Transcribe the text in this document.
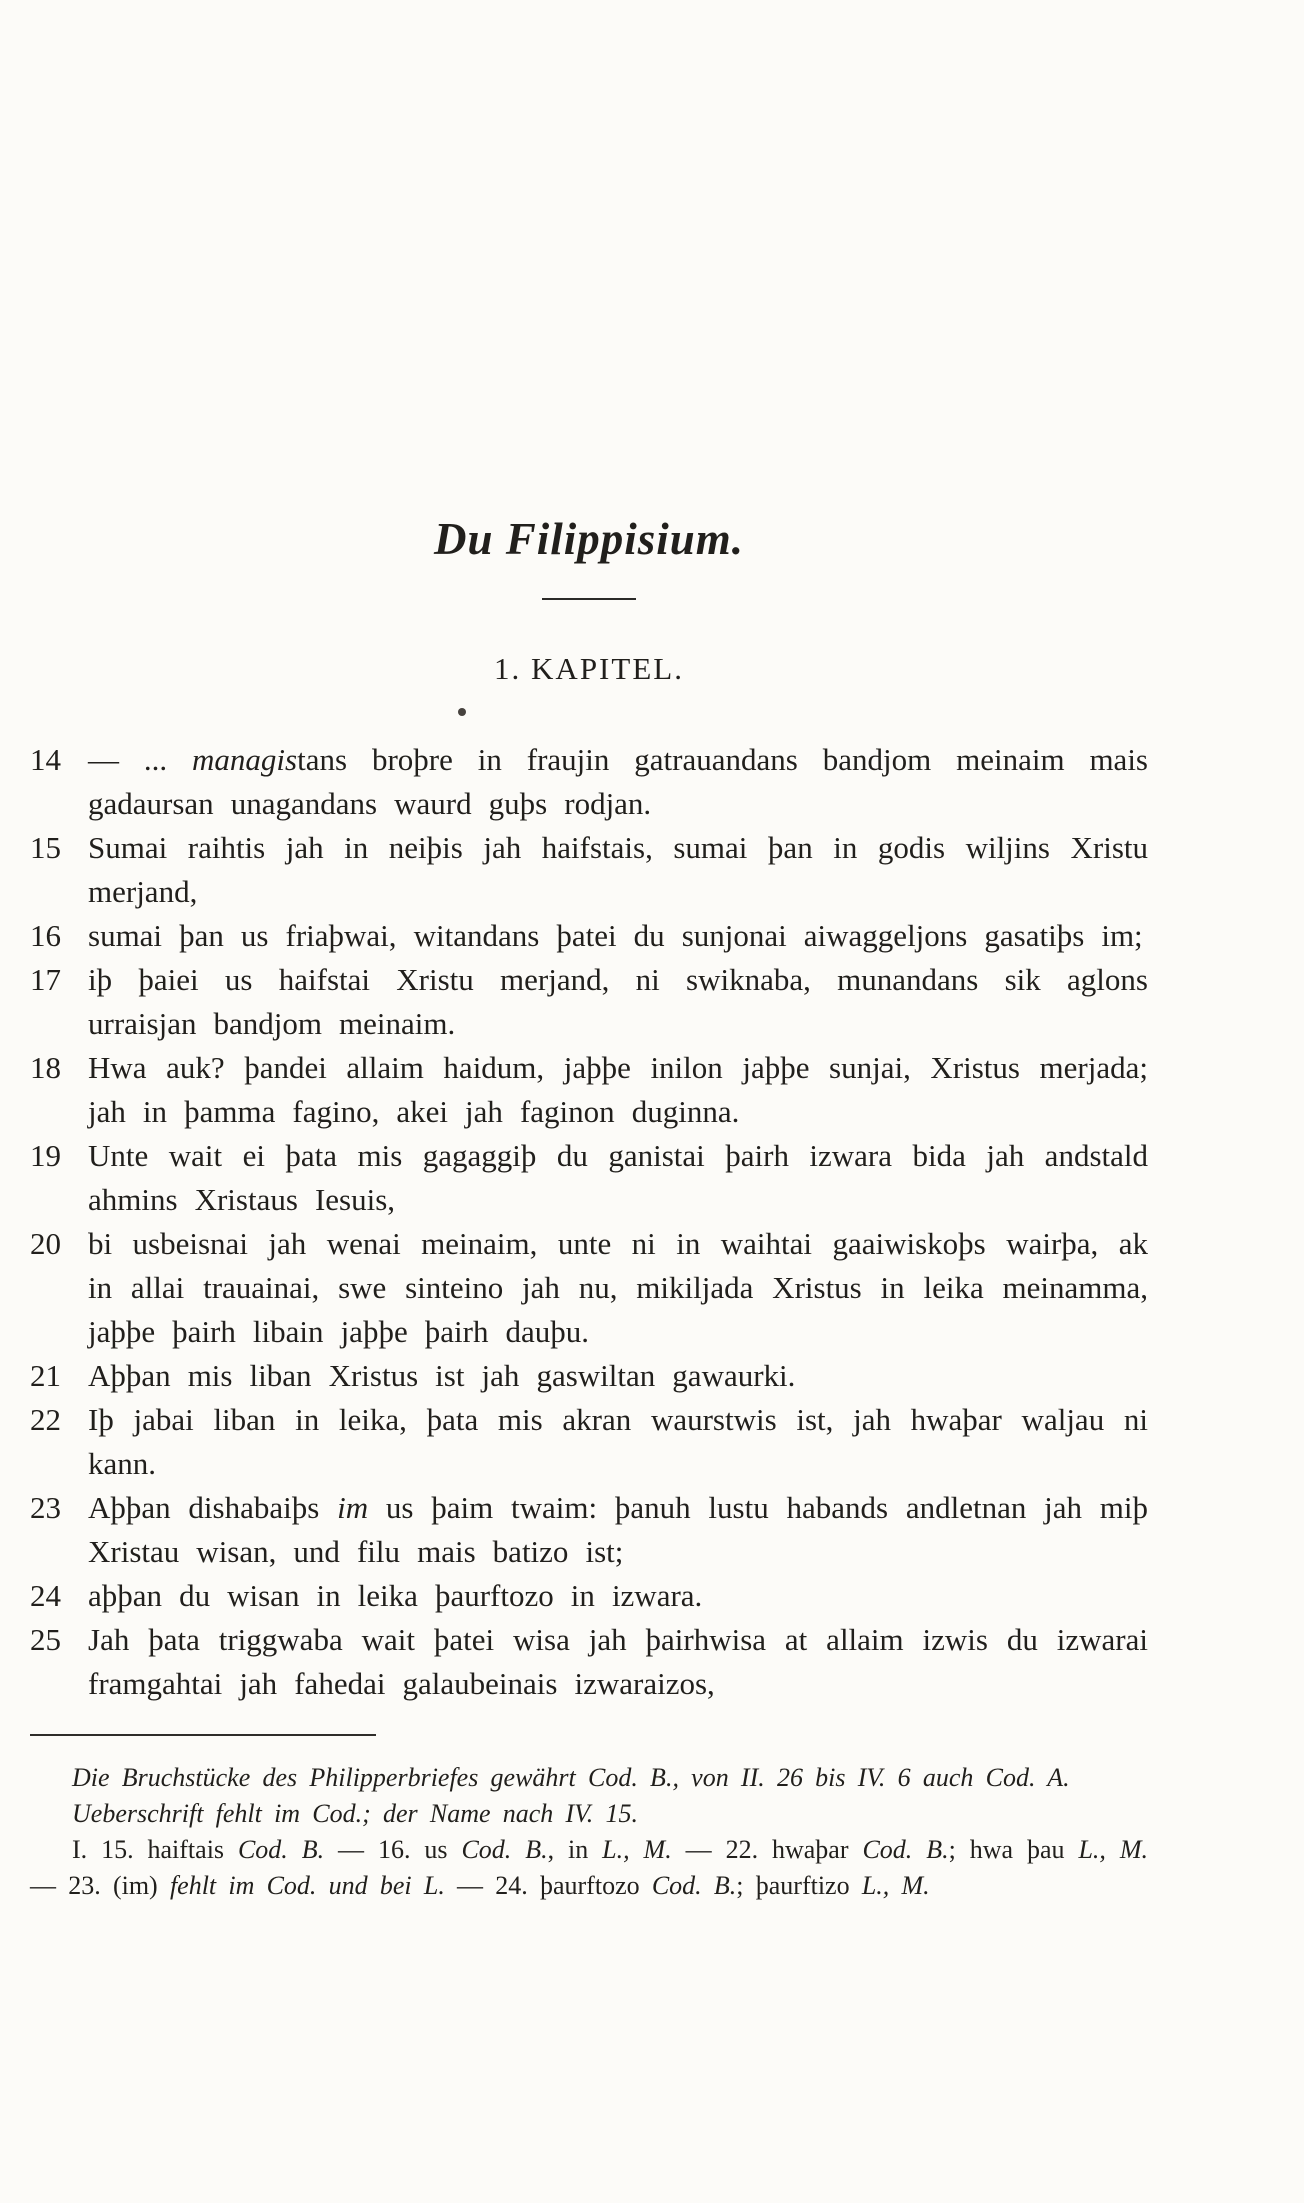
Du Filippisium.
1. KAPITEL.
14 — ... managistans broþre in fraujin gatrauandans bandjom meinaim mais gadaursan unagandans waurd guþs rodjan.
15 Sumai raihtis jah in neiþis jah haifstais, sumai þan in godis wiljins Xristu merjand,
16 sumai þan us friaþwai, witandans þatei du sunjonai aiwaggeljons gasatiþs im;
17 iþ þaiei us haifstai Xristu merjand, ni swiknaba, munandans sik aglons urraisjan bandjom meinaim.
18 Hwa auk? þandei allaim haidum, jaþþe inilon jaþþe sunjai, Xristus merjada; jah in þamma fagino, akei jah faginon duginna.
19 Unte wait ei þata mis gagaggiþ du ganistai þairh izwara bida jah andstald ahmins Xristaus Iesuis,
20 bi usbeisnai jah wenai meinaim, unte ni in waihtai gaaiwiskoþs wairþa, ak in allai trauainai, swe sinteino jah nu, mikiljada Xristus in leika meinamma, jaþþe þairh libain jaþþe þairh dauþu.
21 Aþþan mis liban Xristus ist jah gaswiltan gawaurki.
22 Iþ jabai liban in leika, þata mis akran waurstwis ist, jah hwaþar waljau ni kann.
23 Aþþan dishabaiþs im us þaim twaim: þanuh lustu habands andletnan jah miþ Xristau wisan, und filu mais batizo ist;
24 aþþan du wisan in leika þaurftozo in izwara.
25 Jah þata triggwaba wait þatei wisa jah þairhwisa at allaim izwis du izwarai framgahtai jah fahedai galaubeinais izwaraizos,

Die Bruchstücke des Philipperbriefes gewährt Cod. B., von II. 26 bis IV. 6 auch Cod. A.

Ueberschrift fehlt im Cod.; der Name nach IV. 15.

I. 15. haiftais Cod. B. — 16. us Cod. B., in L., M. — 22. hwaþar Cod. B.; hwa þau L., M. — 23. (im) fehlt im Cod. und bei L. — 24. þaurftozo Cod. B.; þaurftizo L., M.
